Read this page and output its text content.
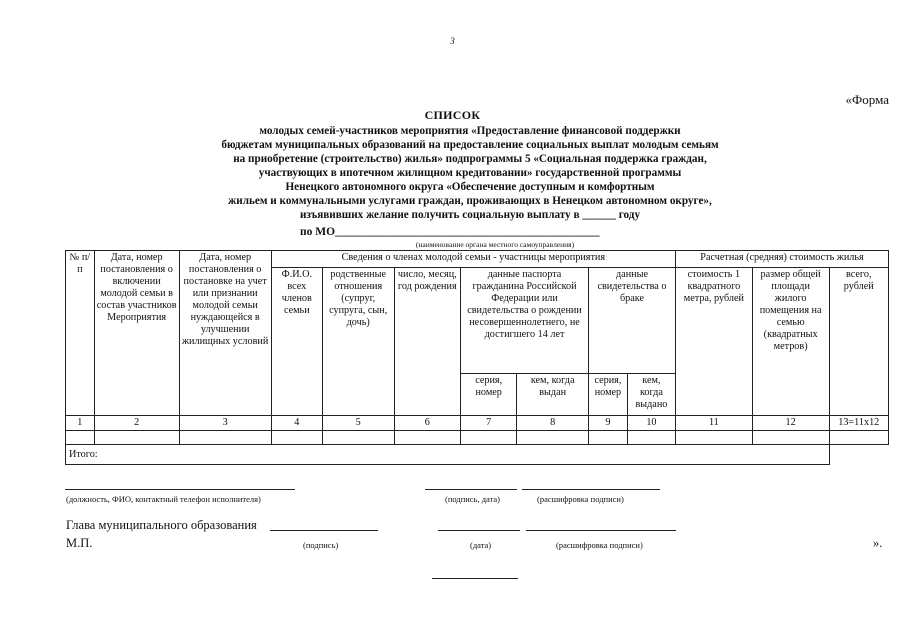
3
«Форма
СПИСОК
молодых семей-участников мероприятия «Предоставление финансовой поддержки
бюджетам муниципальных образований на предоставление социальных выплат молодым семьям
на приобретение (строительство) жилья» подпрограммы 5 «Социальная поддержка граждан,
участвующих в ипотечном жилищном кредитовании» государственной программы
Ненецкого автономного округа «Обеспечение доступным и комфортным
жильем и коммунальными услугами граждан, проживающих в Ненецком автономном округе»,
изъявивших желание получить социальную выплату в ______ году
по МО______________________________________________
(наименование органа местного самоуправления)
№ п/п	Дата, номер постановления о включении молодой семьи в состав участников Мероприятия	Дата, номер постановления о постановке на учет или признании молодой семьи нуждающейся в улучшении жилищных условий	Сведения о членах молодой семьи - участницы мероприятия							Расчетная (средняя) стоимость жилья		
			Ф.И.О. всех членов семьи	родственные отношения (супруг, супруга, сын, дочь)	число, месяц, год рождения	данные паспорта гражданина Российской Федерации или свидетельства о рождении несовершеннолетнего, не достигшего 14 лет		данные свидетельства о браке		стоимость 1 квадратного метра, рублей	размер общей площади жилого помещения на семью (квадратных метров)	всего, рублей
						серия, номер	кем, когда выдан	серия, номер	кем, когда выдано			
1	2	3	4	5	6	7	8	9	10	11	12	13=11x12

Итого:												
(должность, ФИО, контактный телефон исполнителя)	(подпись, дата)	(расшифровка подписи)
Глава муниципального образования
М.П.	(подпись)	(дата)	(расшифровка подписи)	».
